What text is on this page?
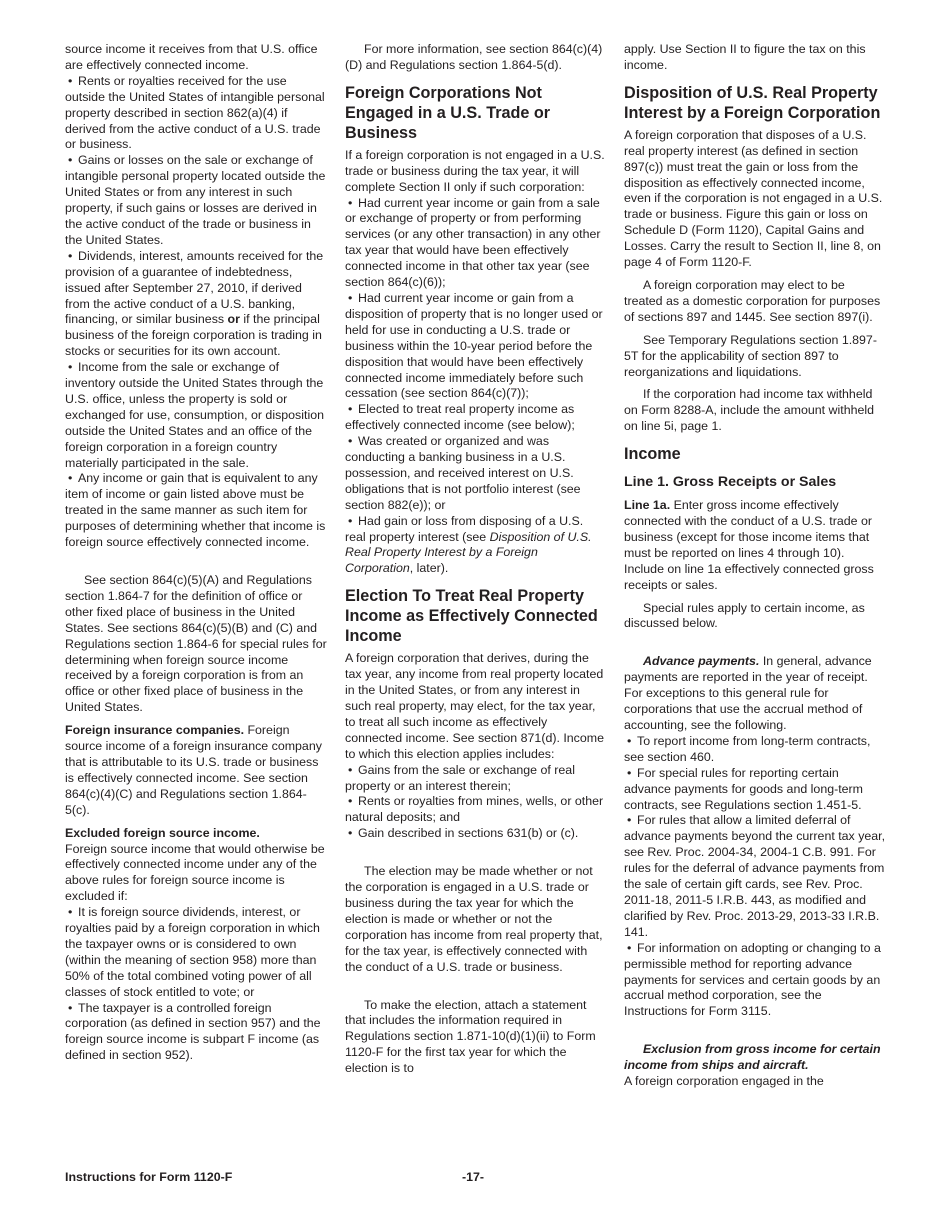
source income it receives from that U.S. office are effectively connected income.

• Rents or royalties received for the use outside the United States of intangible personal property described in section 862(a)(4) if derived from the active conduct of a U.S. trade or business.

• Gains or losses on the sale or exchange of intangible personal property located outside the United States or from any interest in such property, if such gains or losses are derived in the active conduct of the trade or business in the United States.

• Dividends, interest, amounts received for the provision of a guarantee of indebtedness, issued after September 27, 2010, if derived from the active conduct of a U.S. banking, financing, or similar business or if the principal business of the foreign corporation is trading in stocks or securities for its own account.

• Income from the sale or exchange of inventory outside the United States through the U.S. office, unless the property is sold or exchanged for use, consumption, or disposition outside the United States and an office of the foreign corporation in a foreign country materially participated in the sale.

• Any income or gain that is equivalent to any item of income or gain listed above must be treated in the same manner as such item for purposes of determining whether that income is foreign source effectively connected income.

See section 864(c)(5)(A) and Regulations section 1.864-7 for the definition of office or other fixed place of business in the United States. See sections 864(c)(5)(B) and (C) and Regulations section 1.864-6 for special rules for determining when foreign source income received by a foreign corporation is from an office or other fixed place of business in the United States.

Foreign insurance companies. Foreign source income of a foreign insurance company that is attributable to its U.S. trade or business is effectively connected income. See section 864(c)(4)(C) and Regulations section 1.864-5(c).

Excluded foreign source income.

Foreign source income that would otherwise be effectively connected income under any of the above rules for foreign source income is excluded if:

• It is foreign source dividends, interest, or royalties paid by a foreign corporation in which the taxpayer owns or is considered to own (within the meaning of section 958) more than 50% of the total combined voting power of all classes of stock entitled to vote; or

• The taxpayer is a controlled foreign corporation (as defined in section 957) and the foreign source income is subpart F income (as defined in section 952).

For more information, see section 864(c)(4)(D) and Regulations section 1.864-5(d).

Foreign Corporations Not Engaged in a U.S. Trade or Business

If a foreign corporation is not engaged in a U.S. trade or business during the tax year, it will complete Section II only if such corporation:

• Had current year income or gain from a sale or exchange of property or from performing services (or any other transaction) in any other tax year that would have been effectively connected income in that other tax year (see section 864(c)(6));

• Had current year income or gain from a disposition of property that is no longer used or held for use in conducting a U.S. trade or business within the 10-year period before the disposition that would have been effectively connected income immediately before such cessation (see section 864(c)(7));

• Elected to treat real property income as effectively connected income (see below);

• Was created or organized and was conducting a banking business in a U.S. possession, and received interest on U.S. obligations that is not portfolio interest (see section 882(e)); or

• Had gain or loss from disposing of a U.S. real property interest (see Disposition of U.S. Real Property Interest by a Foreign Corporation, later).

Election To Treat Real Property Income as Effectively Connected Income

A foreign corporation that derives, during the tax year, any income from real property located in the United States, or from any interest in such real property, may elect, for the tax year, to treat all such income as effectively connected income. See section 871(d). Income to which this election applies includes:

• Gains from the sale or exchange of real property or an interest therein;

• Rents or royalties from mines, wells, or other natural deposits; and

• Gain described in sections 631(b) or (c).

The election may be made whether or not the corporation is engaged in a U.S. trade or business during the tax year for which the election is made or whether or not the corporation has income from real property that, for the tax year, is effectively connected with the conduct of a U.S. trade or business.

To make the election, attach a statement that includes the information required in Regulations section 1.871-10(d)(1)(ii) to Form 1120-F for the first tax year for which the election is to

apply. Use Section II to figure the tax on this income.

Disposition of U.S. Real Property Interest by a Foreign Corporation

A foreign corporation that disposes of a U.S. real property interest (as defined in section 897(c)) must treat the gain or loss from the disposition as effectively connected income, even if the corporation is not engaged in a U.S. trade or business. Figure this gain or loss on Schedule D (Form 1120), Capital Gains and Losses. Carry the result to Section II, line 8, on page 4 of Form 1120-F.

A foreign corporation may elect to be treated as a domestic corporation for purposes of sections 897 and 1445. See section 897(i).

See Temporary Regulations section 1.897-5T for the applicability of section 897 to reorganizations and liquidations.

If the corporation had income tax withheld on Form 8288-A, include the amount withheld on line 5i, page 1.

Income
Line 1. Gross Receipts or Sales

Line 1a. Enter gross income effectively connected with the conduct of a U.S. trade or business (except for those income items that must be reported on lines 4 through 10). Include on line 1a effectively connected gross receipts or sales.

Special rules apply to certain income, as discussed below.

Advance payments. In general, advance payments are reported in the year of receipt. For exceptions to this general rule for corporations that use the accrual method of accounting, see the following.

• To report income from long-term contracts, see section 460.

• For special rules for reporting certain advance payments for goods and long-term contracts, see Regulations section 1.451-5.

• For rules that allow a limited deferral of advance payments beyond the current tax year, see Rev. Proc. 2004-34, 2004-1 C.B. 991. For rules for the deferral of advance payments from the sale of certain gift cards, see Rev. Proc. 2011-18, 2011-5 I.R.B. 443, as modified and clarified by Rev. Proc. 2013-29, 2013-33 I.R.B. 141.

• For information on adopting or changing to a permissible method for reporting advance payments for services and certain goods by an accrual method corporation, see the Instructions for Form 3115.

Exclusion from gross income for certain income from ships and aircraft.

A foreign corporation engaged in the

Instructions for Form 1120-F	-17-
